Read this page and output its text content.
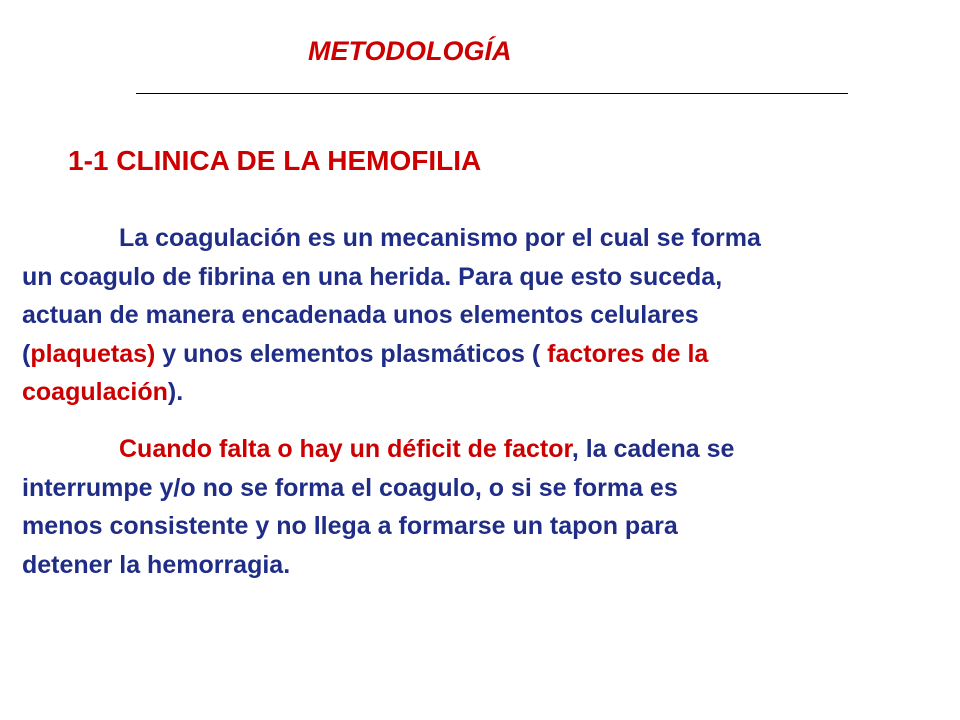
METODOLOGÍA
1-1 CLINICA DE LA HEMOFILIA

La coagulación es un mecanismo por el cual se forma
un coagulo de fibrina en una herida. Para que esto suceda,
actuan de manera encadenada unos elementos celulares
(plaquetas) y unos elementos plasmáticos ( factores de la
coagulación).

Cuando falta o hay un déficit de factor, la cadena se
interrumpe y/o no se forma el coagulo, o si se forma es
menos consistente y no llega a formarse un tapon para
detener la hemorragia.
